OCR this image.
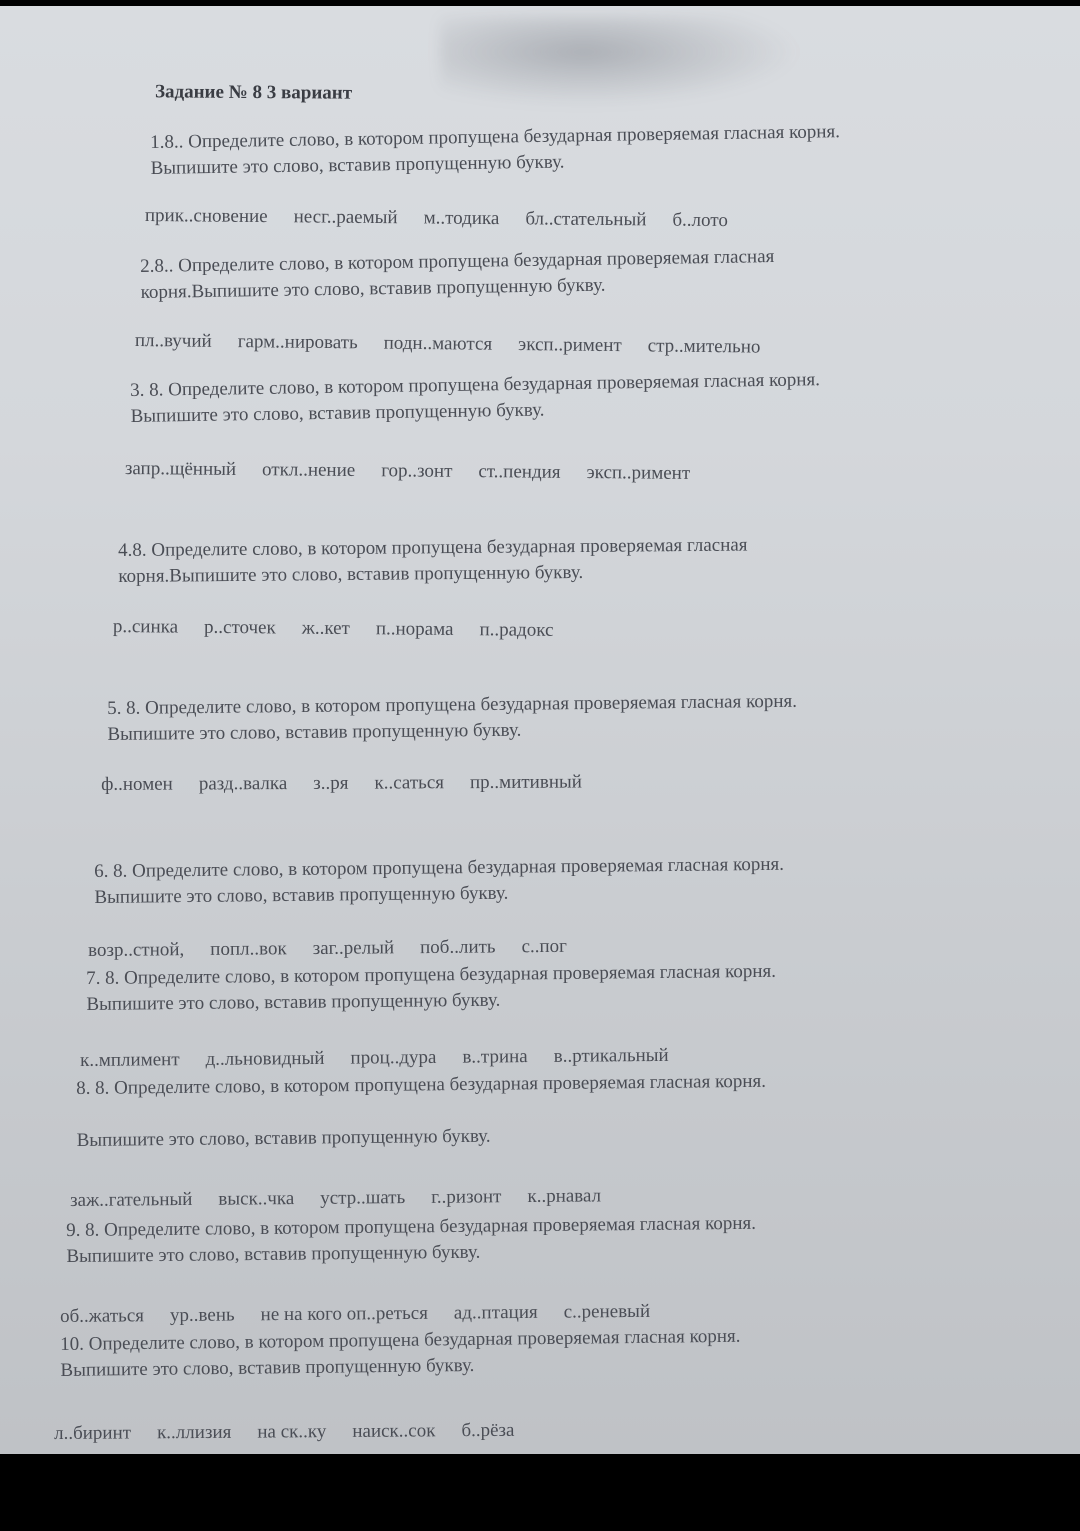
Задание № 8 3 вариант
1.8.. Определите слово, в котором пропущена безударная проверяемая гласная корня.
Выпишите это слово, вставив пропущенную букву.
прик..сновение несг..раемый м..тодика бл..стательный б..лото
2.8.. Определите слово, в котором пропущена безударная проверяемая гласная
корня.Выпишите это слово, вставив пропущенную букву.
пл..вучий гарм..нировать подн..маются эксп..римент стр..мительно
3. 8. Определите слово, в котором пропущена безударная проверяемая гласная корня.
Выпишите это слово, вставив пропущенную букву.
запр..щённый откл..нение гор..зонт ст..пендия эксп..римент
4.8. Определите слово, в котором пропущена безударная проверяемая гласная
корня.Выпишите это слово, вставив пропущенную букву.
р..синка р..сточек ж..кет п..норама п..радокс
5. 8. Определите слово, в котором пропущена безударная проверяемая гласная корня.
Выпишите это слово, вставив пропущенную букву.
ф..номен разд..валка з..ря к..саться пр..митивный
6. 8. Определите слово, в котором пропущена безударная проверяемая гласная корня.
Выпишите это слово, вставив пропущенную букву.
возр..стной, попл..вок заг..релый поб..лить с..пог
7. 8. Определите слово, в котором пропущена безударная проверяемая гласная корня.
Выпишите это слово, вставив пропущенную букву.
к..мплимент д..льновидный проц..дура в..трина в..ртикальный
8. 8. Определите слово, в котором пропущена безударная проверяемая гласная корня.

Выпишите это слово, вставив пропущенную букву.
заж..гательный выск..чка устр..шать г..ризонт к..рнавал
9. 8. Определите слово, в котором пропущена безударная проверяемая гласная корня.
Выпишите это слово, вставив пропущенную букву.
об..жаться ур..вень не на кого оп..реться ад..птация с..реневый
10. Определите слово, в котором пропущена безударная проверяемая гласная корня.
Выпишите это слово, вставив пропущенную букву.
л..биринт к..ллизия на ск..ку наиск..сок б..рёза
